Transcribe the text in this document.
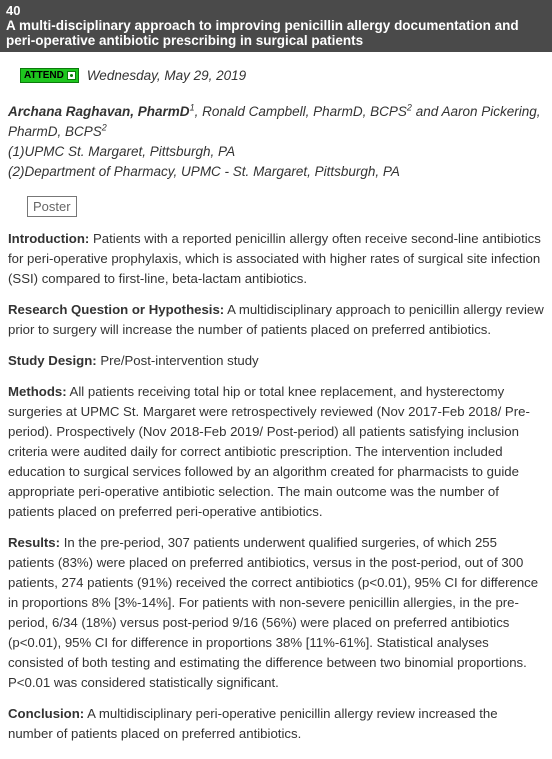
40
A multi-disciplinary approach to improving penicillin allergy documentation and peri-operative antibiotic prescribing in surgical patients
ATTEND Wednesday, May 29, 2019
Archana Raghavan, PharmD$^1$, Ronald Campbell, PharmD, BCPS$^2$ and Aaron Pickering, PharmD, BCPS$^2$
(1)UPMC St. Margaret, Pittsburgh, PA
(2)Department of Pharmacy, UPMC - St. Margaret, Pittsburgh, PA
Poster
Introduction: Patients with a reported penicillin allergy often receive second-line antibiotics for peri-operative prophylaxis, which is associated with higher rates of surgical site infection (SSI) compared to first-line, beta-lactam antibiotics.
Research Question or Hypothesis: A multidisciplinary approach to penicillin allergy review prior to surgery will increase the number of patients placed on preferred antibiotics.
Study Design: Pre/Post-intervention study
Methods: All patients receiving total hip or total knee replacement, and hysterectomy surgeries at UPMC St. Margaret were retrospectively reviewed (Nov 2017-Feb 2018/ Pre-period). Prospectively (Nov 2018-Feb 2019/ Post-period) all patients satisfying inclusion criteria were audited daily for correct antibiotic prescription. The intervention included education to surgical services followed by an algorithm created for pharmacists to guide appropriate peri-operative antibiotic selection. The main outcome was the number of patients placed on preferred peri-operative antibiotics.
Results: In the pre-period, 307 patients underwent qualified surgeries, of which 255 patients (83%) were placed on preferred antibiotics, versus in the post-period, out of 300 patients, 274 patients (91%) received the correct antibiotics (p<0.01), 95% CI for difference in proportions 8% [3%-14%]. For patients with non-severe penicillin allergies, in the pre-period, 6/34 (18%) versus post-period 9/16 (56%) were placed on preferred antibiotics (p<0.01), 95% CI for difference in proportions 38% [11%-61%]. Statistical analyses consisted of both testing and estimating the difference between two binomial proportions. P<0.01 was considered statistically significant.
Conclusion: A multidisciplinary peri-operative penicillin allergy review increased the number of patients placed on preferred antibiotics.
